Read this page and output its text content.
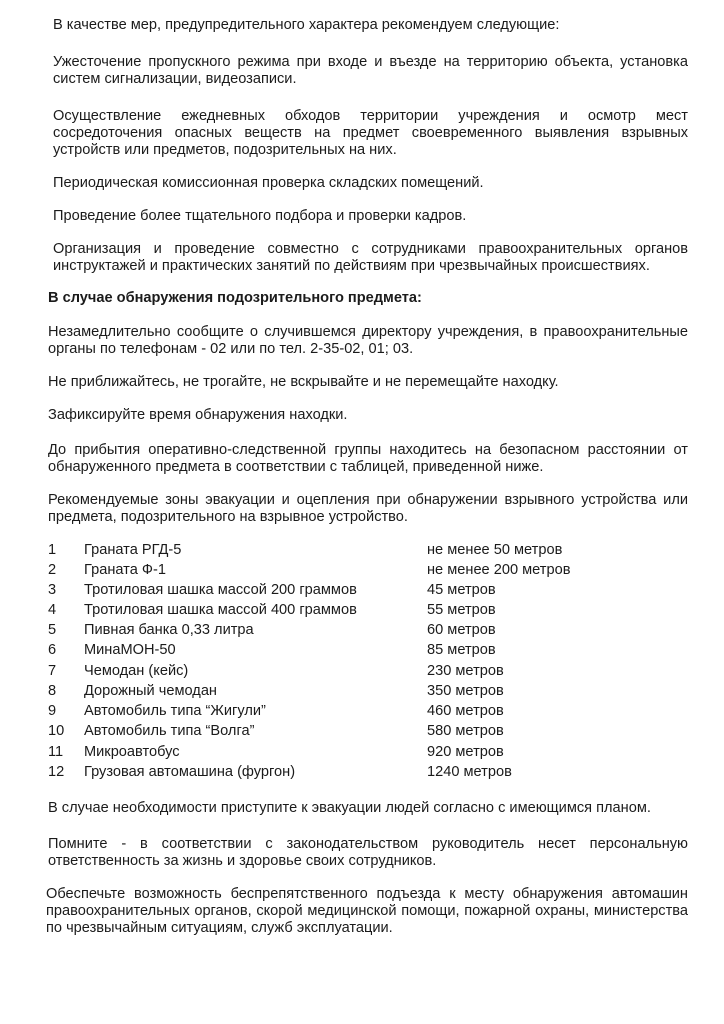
В качестве мер, предупредительного характера рекомендуем следующие:

Ужесточение пропускного режима при входе и въезде на территорию объекта, установка систем сигнализации, видеозаписи.

Осуществление ежедневных обходов территории учреждения и осмотр мест сосредоточения опасных веществ на предмет своевременного выявления взрывных устройств или предметов, подозрительных на них.

Периодическая комиссионная проверка складских помещений.

Проведение более тщательного подбора и проверки кадров.

Организация и проведение совместно с сотрудниками правоохранительных органов инструктажей и практических занятий по действиям при чрезвычайных происшествиях.

В случае обнаружения подозрительного предмета:

Незамедлительно сообщите о случившемся директору учреждения, в правоохранительные органы по телефонам - 02 или по тел. 2-35-02, 01; 03.

Не приближайтесь, не трогайте, не вскрывайте и не перемещайте находку.

Зафиксируйте время обнаружения находки.

До прибытия оперативно-следственной группы находитесь на безопасном расстоянии от обнаруженного предмета в соответствии с таблицей, приведенной ниже.

Рекомендуемые зоны эвакуации и оцепления при обнаружении взрывного устройства или предмета, подозрительного на взрывное устройство.

1 Граната РГД-5	не менее 50 метров
2 Граната Ф-1	не менее 200 метров
3 Тротиловая шашка массой 200 граммов	45 метров
4 Тротиловая шашка массой 400 граммов	55 метров
5 Пивная банка 0,33 литра	60 метров
6 МинаМОН-50	85 метров
7 Чемодан (кейс)	230 метров
8 Дорожный чемодан	350 метров
9 Автомобиль типа “Жигули”	460 метров
10 Автомобиль типа “Волга”	580 метров
11 Микроавтобус	920 метров
12 Грузовая автомашина (фургон)	1240 метров

В случае необходимости приступите к эвакуации людей согласно с имеющимся планом.

Помните - в соответствии с законодательством руководитель несет персональную ответственность за жизнь и здоровье своих сотрудников.

Обеспечьте возможность беспрепятственного подъезда к месту обнаружения автомашин правоохранительных органов, скорой медицинской помощи, пожарной охраны, министерства по чрезвычайным ситуациям, служб эксплуатации.
